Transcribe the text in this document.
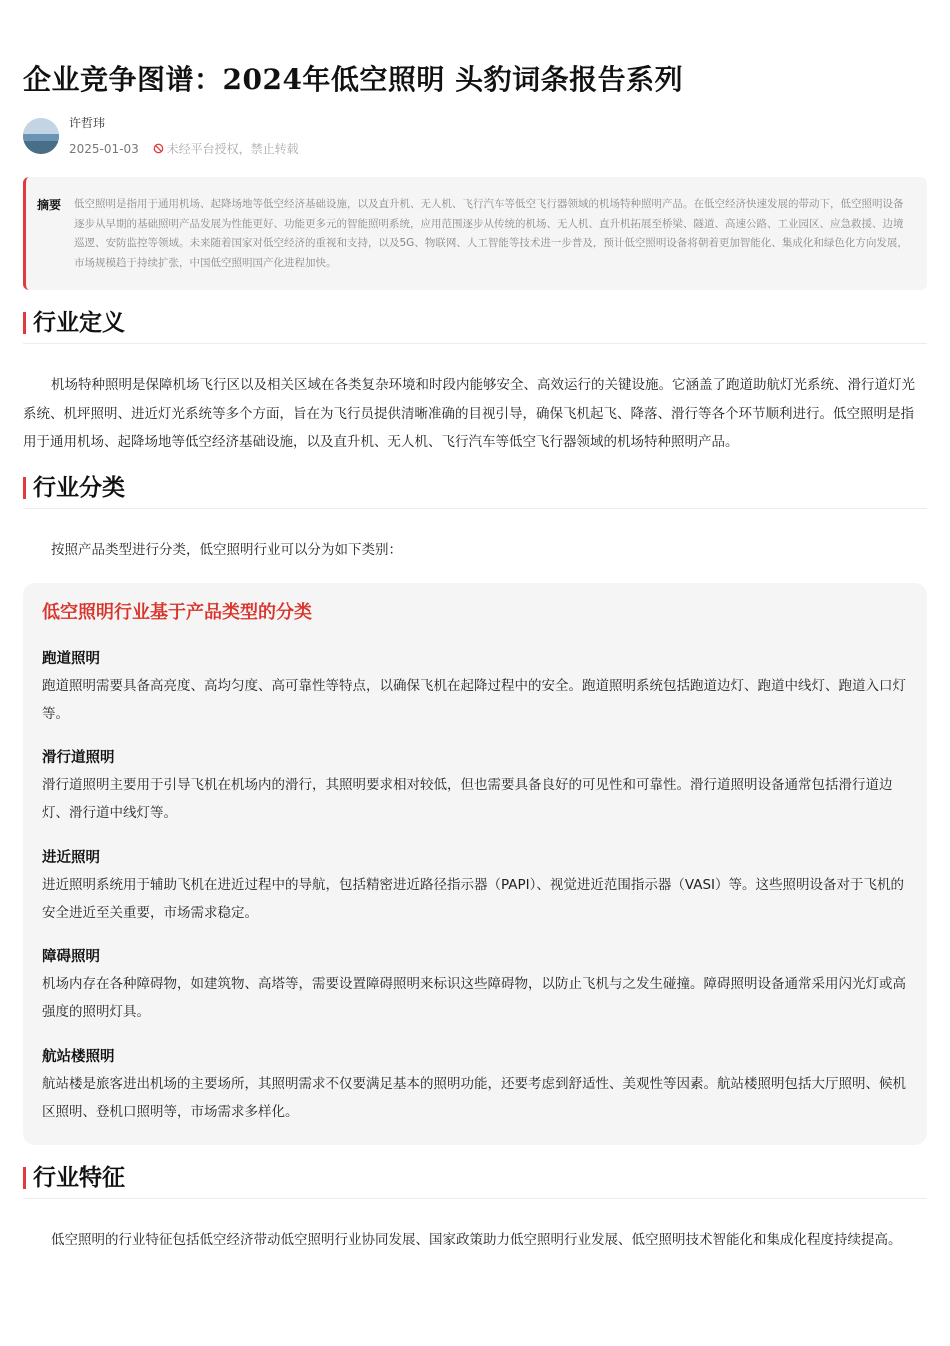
企业竞争图谱：2024年低空照明 头豹词条报告系列
许哲玮
2025-01-03 未经平台授权，禁止转载
摘要 低空照明是指用于通用机场、起降场地等低空经济基础设施，以及直升机、无人机、飞行汽车等低空飞行器领域的机场特种照明产品。在低空经济快速发展的带动下，低空照明设备逐步从早期的基础照明产品发展为性能更好、功能更多元的智能照明系统，应用范围逐步从传统的机场、无人机、直升机拓展至桥梁、隧道、高速公路、工业园区、应急救援、边境巡逻、安防监控等领域。未来随着国家对低空经济的重视和支持，以及5G、物联网、人工智能等技术进一步普及，预计低空照明设备将朝着更加智能化、集成化和绿色化方向发展，市场规模趋于持续扩张，中国低空照明国产化进程加快。
行业定义

机场特种照明是保障机场飞行区以及相关区域在各类复杂环境和时段内能够安全、高效运行的关键设施。它涵盖了跑道助航灯光系统、滑行道灯光系统、机坪照明、进近灯光系统等多个方面，旨在为飞行员提供清晰准确的目视引导，确保飞机起飞、降落、滑行等各个环节顺利进行。低空照明是指用于通用机场、起降场地等低空经济基础设施，以及直升机、无人机、飞行汽车等低空飞行器领域的机场特种照明产品。

行业分类

按照产品类型进行分类，低空照明行业可以分为如下类别：

低空照明行业基于产品类型的分类

跑道照明

跑道照明需要具备高亮度、高均匀度、高可靠性等特点，以确保飞机在起降过程中的安全。跑道照明系统包括跑道边灯、跑道中线灯、跑道入口灯等。

滑行道照明

滑行道照明主要用于引导飞机在机场内的滑行，其照明要求相对较低，但也需要具备良好的可见性和可靠性。滑行道照明设备通常包括滑行道边灯、滑行道中线灯等。

进近照明

进近照明系统用于辅助飞机在进近过程中的导航，包括精密进近路径指示器（PAPI）、视觉进近范围指示器（VASI）等。这些照明设备对于飞机的安全进近至关重要，市场需求稳定。

障碍照明

机场内存在各种障碍物，如建筑物、高塔等，需要设置障碍照明来标识这些障碍物，以防止飞机与之发生碰撞。障碍照明设备通常采用闪光灯或高强度的照明灯具。

航站楼照明

航站楼是旅客进出机场的主要场所，其照明需求不仅要满足基本的照明功能，还要考虑到舒适性、美观性等因素。航站楼照明包括大厅照明、候机区照明、登机口照明等，市场需求多样化。

行业特征

低空照明的行业特征包括低空经济带动低空照明行业协同发展、国家政策助力低空照明行业发展、低空照明技术智能化和集成化程度持续提高。
